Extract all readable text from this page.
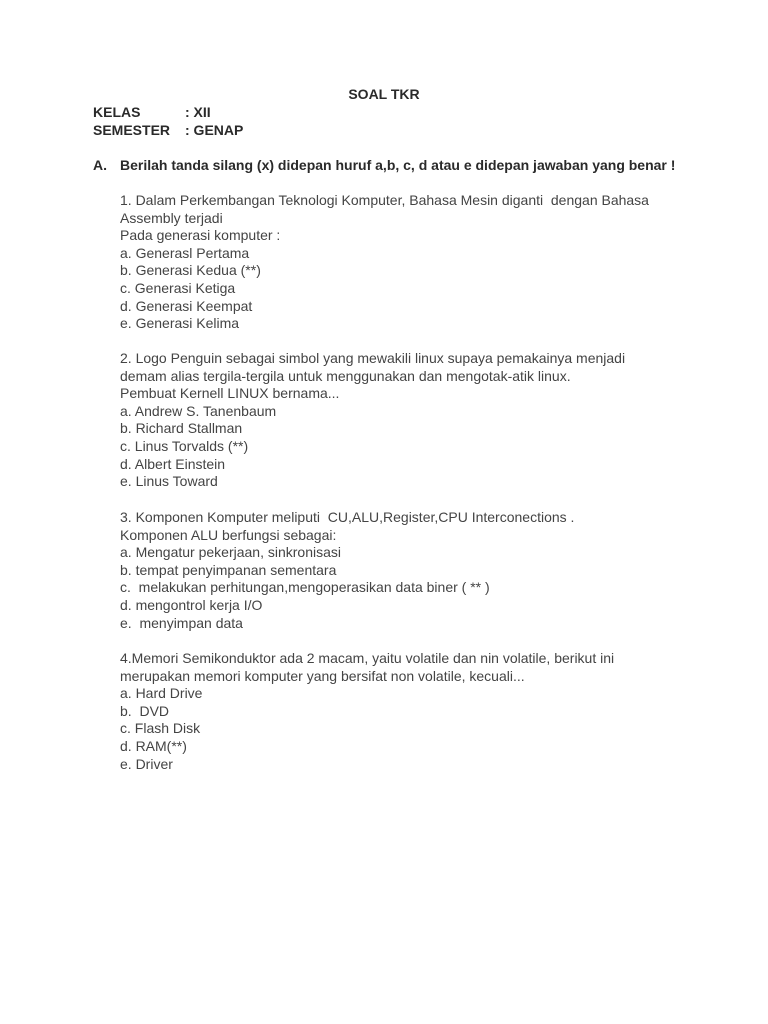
SOAL TKR
KELAS	: XII
SEMESTER : GENAP
A. Berilah tanda silang (x) didepan huruf a,b, c, d atau e didepan jawaban yang benar !
1. Dalam Perkembangan Teknologi Komputer, Bahasa Mesin diganti  dengan Bahasa
Assembly terjadi
Pada generasi komputer :
a. Generasl Pertama
b. Generasi Kedua (**)
c. Generasi Ketiga
d. Generasi Keempat
e. Generasi Kelima
2. Logo Penguin sebagai simbol yang mewakili linux supaya pemakainya menjadi
demam alias tergila-tergila untuk menggunakan dan mengotak-atik linux.
Pembuat Kernell LINUX bernama...
a. Andrew S. Tanenbaum
b. Richard Stallman
c. Linus Torvalds (**)
d. Albert Einstein
e. Linus Toward
3. Komponen Komputer meliputi  CU,ALU,Register,CPU Interconections .
Komponen ALU berfungsi sebagai:
a. Mengatur pekerjaan, sinkronisasi
b. tempat penyimpanan sementara
c.  melakukan perhitungan,mengoperasikan data biner ( ** )
d. mengontrol kerja I/O
e.  menyimpan data
4.Memori Semikonduktor ada 2 macam, yaitu volatile dan nin volatile, berikut ini
merupakan memori komputer yang bersifat non volatile, kecuali...
a. Hard Drive
b.  DVD
c. Flash Disk
d. RAM(**)
e. Driver
